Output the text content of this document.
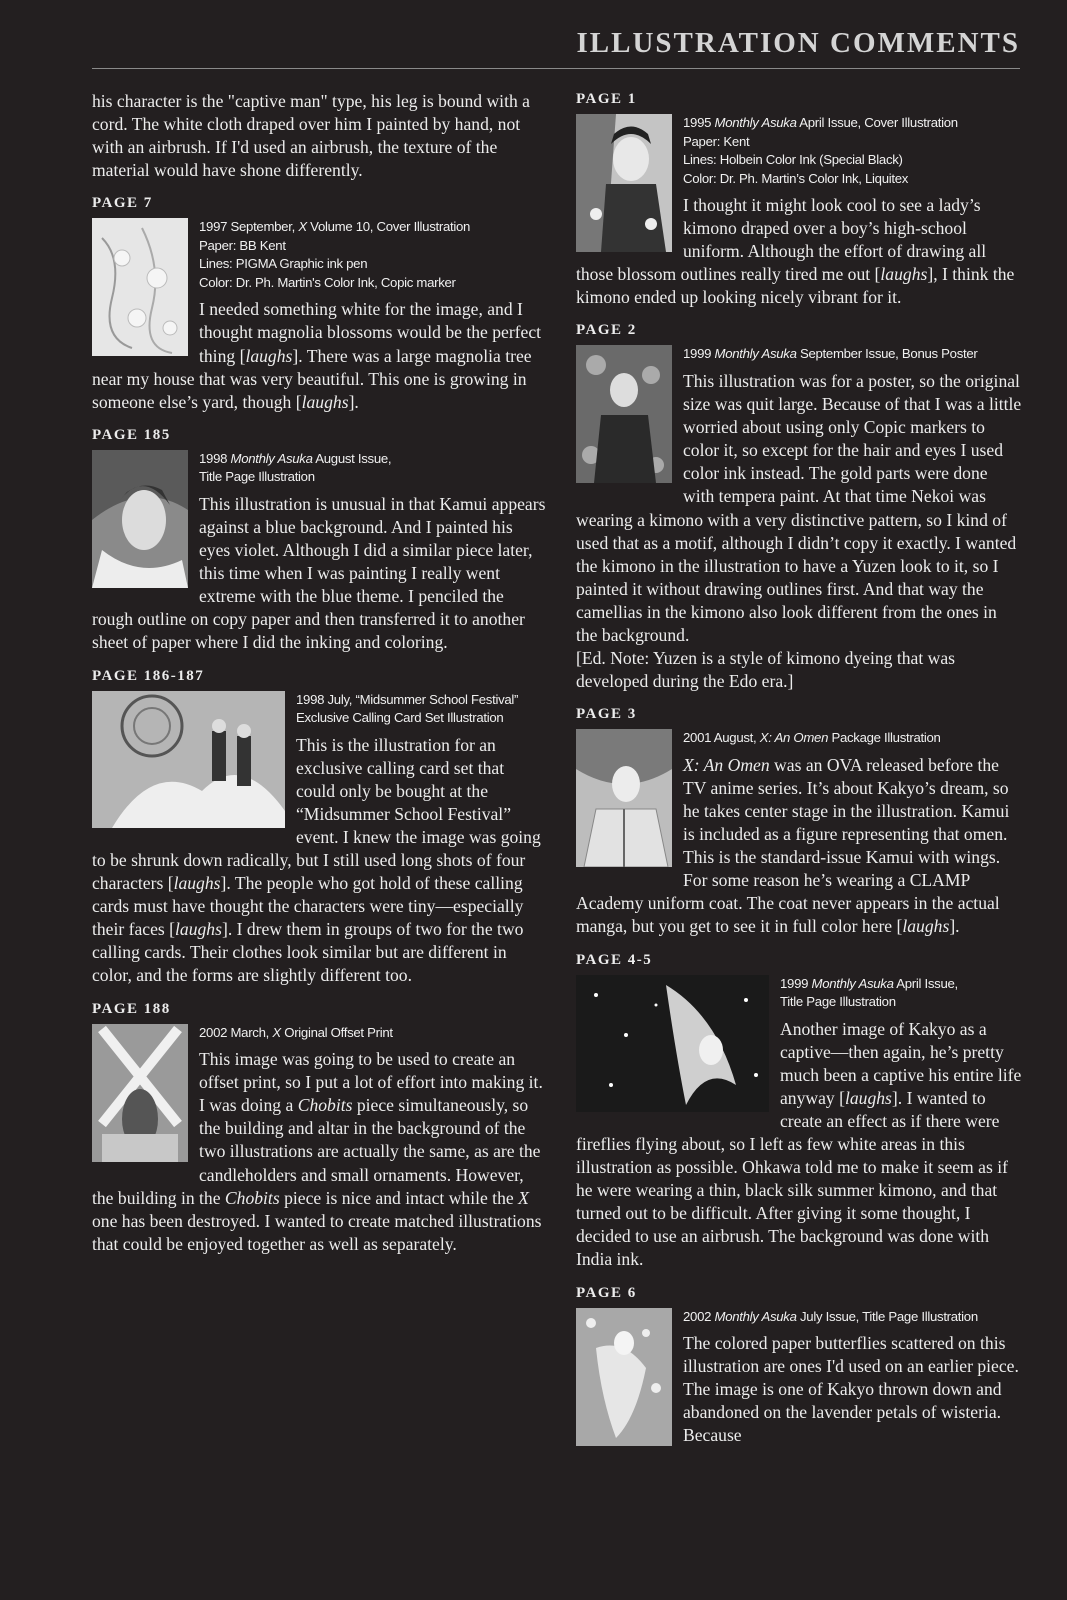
ILLUSTRATION COMMENTS

his character is the "captive man" type, his leg is bound with a cord. The white cloth draped over him I painted by hand, not with an airbrush. If I'd used an airbrush, the texture of the material would have shone differently.

PAGE 7

1997 September, X Volume 10, Cover Illustration
Paper: BB Kent
Lines: PIGMA Graphic ink pen
Color: Dr. Ph. Martin's Color Ink, Copic marker

I needed something white for the image, and I thought magnolia blossoms would be the perfect thing [laughs]. There was a large magnolia tree near my house that was very beautiful. This one is growing in someone else’s yard, though [laughs].

PAGE 185

1998 Monthly Asuka August Issue,
Title Page Illustration

This illustration is unusual in that Kamui appears against a blue background. And I painted his eyes violet. Although I did a similar piece later, this time when I was painting I really went extreme with the blue theme. I penciled the rough outline on copy paper and then transferred it to another sheet of paper where I did the inking and coloring.

PAGE 186-187

1998 July, “Midsummer School Festival”
Exclusive Calling Card Set Illustration

This is the illustration for an exclusive calling card set that could only be bought at the “Midsummer School Festival” event. I knew the image was going to be shrunk down radically, but I still used long shots of four characters [laughs]. The people who got hold of these calling cards must have thought the characters were tiny—especially their faces [laughs]. I drew them in groups of two for the two calling cards. Their clothes look similar but are different in color, and the forms are slightly different too.

PAGE 188

2002 March, X Original Offset Print

This image was going to be used to create an offset print, so I put a lot of effort into making it. I was doing a Chobits piece simultaneously, so the building and altar in the background of the two illustrations are actually the same, as are the candleholders and small ornaments. However, the building in the Chobits piece is nice and intact while the X one has been destroyed. I wanted to create matched illustrations that could be enjoyed together as well as separately.

PAGE 1

1995 Monthly Asuka April Issue, Cover Illustration
Paper: Kent
Lines: Holbein Color Ink (Special Black)
Color: Dr. Ph. Martin’s Color Ink, Liquitex

I thought it might look cool to see a lady’s kimono draped over a boy’s high-school uniform. Although the effort of drawing all those blossom outlines really tired me out [laughs], I think the kimono ended up looking nicely vibrant for it.

PAGE 2

1999 Monthly Asuka September Issue, Bonus Poster

This illustration was for a poster, so the original size was quit large. Because of that I was a little worried about using only Copic markers to color it, so except for the hair and eyes I used color ink instead. The gold parts were done with tempera paint. At that time Nekoi was wearing a kimono with a very distinctive pattern, so I kind of used that as a motif, although I didn’t copy it exactly. I wanted the kimono in the illustration to have a Yuzen look to it, so I painted it without drawing outlines first. And that way the camellias in the kimono also look different from the ones in the background.

[Ed. Note: Yuzen is a style of kimono dyeing that was developed during the Edo era.]

PAGE 3

2001 August, X: An Omen Package Illustration

X: An Omen was an OVA released before the TV anime series. It’s about Kakyo’s dream, so he takes center stage in the illustration. Kamui is included as a figure representing that omen. This is the standard-issue Kamui with wings. For some reason he’s wearing a CLAMP Academy uniform coat. The coat never appears in the actual manga, but you get to see it in full color here [laughs].

PAGE 4-5

1999 Monthly Asuka April Issue,
Title Page Illustration

Another image of Kakyo as a captive—then again, he’s pretty much been a captive his entire life anyway [laughs]. I wanted to create an effect as if there were fireflies flying about, so I left as few white areas in this illustration as possible. Ohkawa told me to make it seem as if he were wearing a thin, black silk summer kimono, and that turned out to be difficult. After giving it some thought, I decided to use an airbrush. The background was done with India ink.

PAGE 6

2002 Monthly Asuka July Issue, Title Page Illustration

The colored paper butterflies scattered on this illustration are ones I'd used on an earlier piece. The image is one of Kakyo thrown down and abandoned on the lavender petals of wisteria. Because
